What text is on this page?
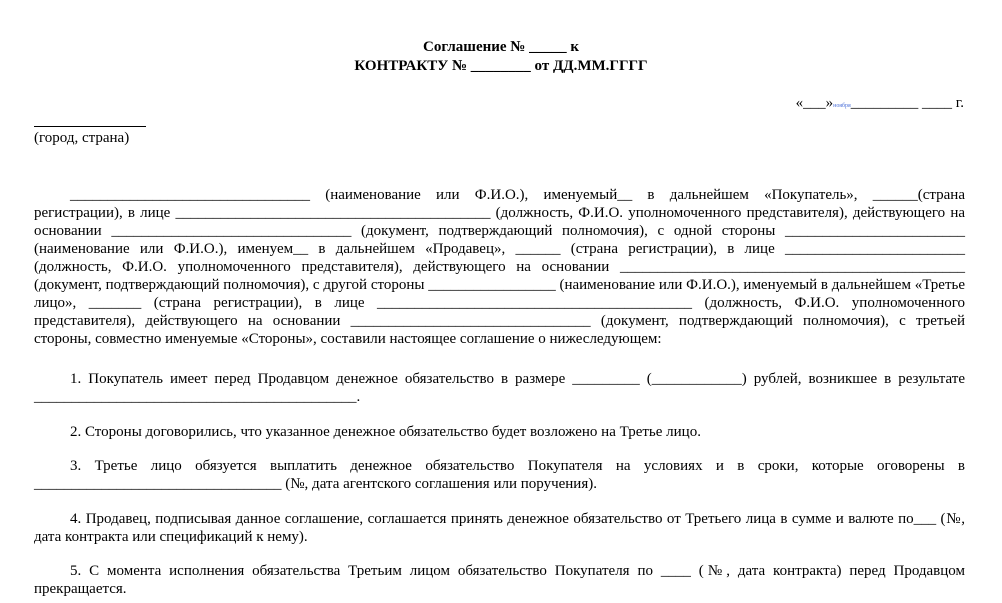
Соглашение № _____ к
КОНТРАКТУ № ________ от ДД.ММ.ГГГГ
«___»ноября_________ ____ г.
(город, страна)
________________________________ (наименование или Ф.И.О.), именуемый__ в дальнейшем «Покупатель», ______(страна регистрации), в лице __________________________________________ (должность, Ф.И.О. уполномоченного представителя), действующего на основании ________________________________ (документ, подтверждающий полномочия), с одной стороны ________________________ (наименование или Ф.И.О.), именуем__ в дальнейшем «Продавец», ______ (страна регистрации), в лице ________________________ (должность, Ф.И.О. уполномоченного представителя), действующего на основании ______________________________________________ (документ, подтверждающий полномочия), с другой стороны _________________ (наименование или Ф.И.О.), именуемый в дальнейшем «Третье лицо», _______ (страна регистрации), в лице __________________________________________ (должность, Ф.И.О. уполномоченного представителя), действующего на основании ________________________________ (документ, подтверждающий полномочия), с третьей стороны, совместно именуемые «Стороны», составили настоящее соглашение о нижеследующем:
1. Покупатель имеет перед Продавцом денежное обязательство в размере _________ (____________) рублей, возникшее в результате ___________________________________________.
2. Стороны договорились, что указанное денежное обязательство будет возложено на Третье лицо.
3. Третье лицо обязуется выплатить денежное обязательство Покупателя на условиях и в сроки, которые оговорены в _________________________________ (№, дата агентского соглашения или поручения).
4. Продавец, подписывая данное соглашение, соглашается принять денежное обязательство от Третьего лица в сумме и валюте по___ (№, дата контракта или спецификаций к нему).
5. С момента исполнения обязательства Третьим лицом обязательство Покупателя по ____ (№, дата контракта) перед Продавцом прекращается.
